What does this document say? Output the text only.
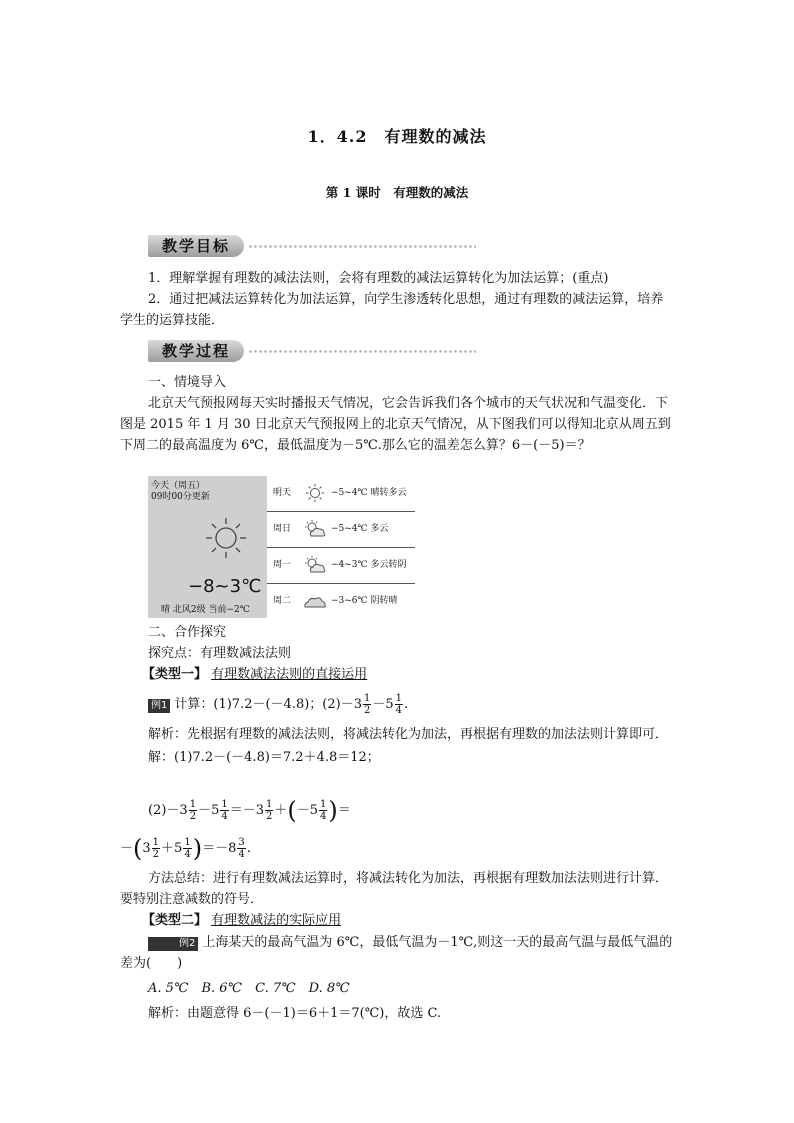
1．4.2　有理数的减法
第 1 课时　有理数的减法
教学目标
1．理解掌握有理数的减法法则，会将有理数的减法运算转化为加法运算；(重点)
2．通过把减法运算转化为加法运算，向学生渗透转化思想，通过有理数的减法运算，培养学生的运算技能．
教学过程
一、情境导入
北京天气预报网每天实时播报天气情况，它会告诉我们各个城市的天气状况和气温变化．下图是 2015 年 1 月 30 日北京天气预报网上的北京天气情况，从下图我们可以得知北京从周五到下周二的最高温度为 6℃，最低温度为－5℃.那么它的温差怎么算？6－(－5)＝？
今天（周五）
09时00分更新
−8~3℃
晴 北风2级 当前−2℃
明天	−5~4℃ 晴转多云
周日	−5~4℃ 多云
周一	−4~3℃ 多云转阴
周二	−3~6℃ 阴转晴
二、合作探究
探究点：有理数减法法则
【类型一】 有理数减法法则的直接运用
例1 计算：(1)7.2－(－4.8)；$(2)-3 \frac{1}{2} -5 \frac{1}{4}$ .
解析：先根据有理数的减法法则，将减法转化为加法，再根据有理数的加法法则计算即可．
解：(1)7.2－(－4.8)＝7.2＋4.8＝12；
$(2)-3 \frac{1}{2} -5 \frac{1}{4} =-3 \frac{1}{2} +(-5 \frac{1}{4}$ )＝
$-(3 \frac{1}{2} +5 \frac{1}{4} )=-8 \frac{3}{4}$ .
方法总结：进行有理数减法运算时，将减法转化为加法，再根据有理数加法法则进行计算．要特别注意减数的符号．
【类型二】 有理数减法的实际应用
例2 上海某天的最高气温为 6℃，最低气温为－1℃,则这一天的最高气温与最低气温的差为(　　)
A. 5℃　B. 6℃　C. 7℃　D. 8℃
解析：由题意得 6－(－1)＝6＋1＝7(℃)，故选 C.
